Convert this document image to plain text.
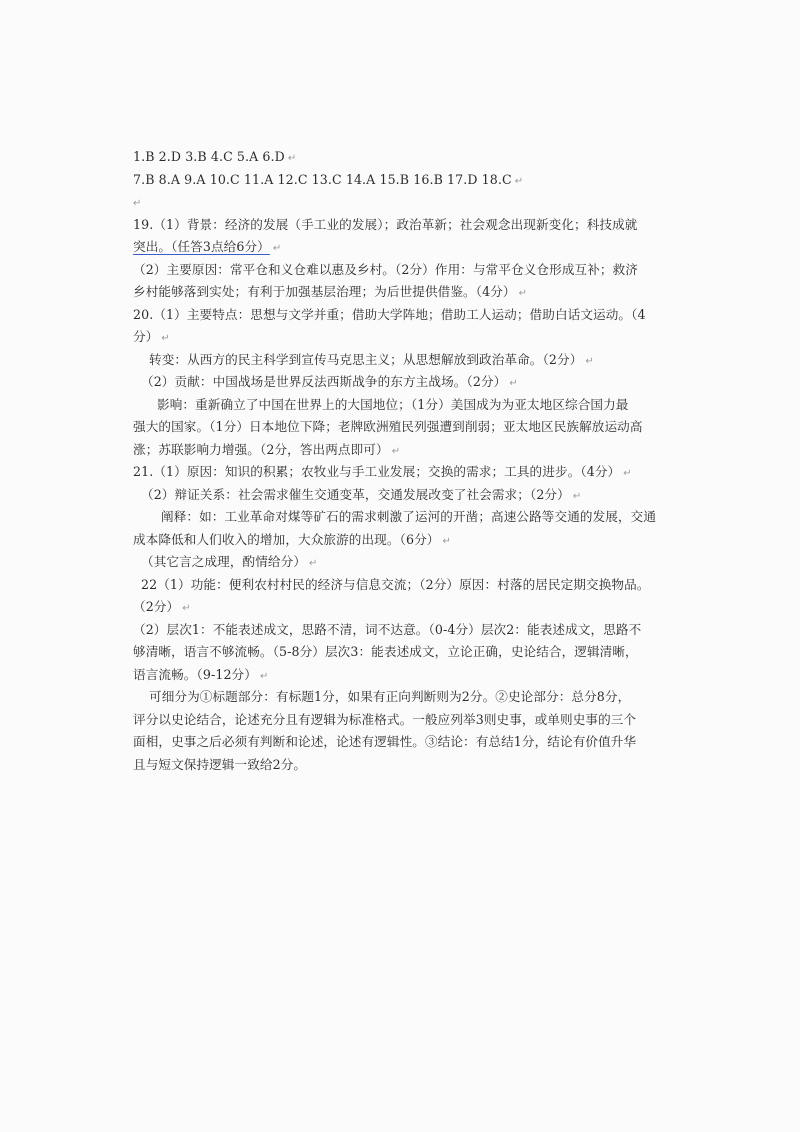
1.B 2.D 3.B 4.C 5.A 6.D ↵
7.B 8.A 9.A 10.C 11.A 12.C 13.C 14.A 15.B 16.B 17.D 18.C ↵
↵
19.（1）背景：经济的发展（手工业的发展）；政治革新；社会观念出现新变化；科技成就
突出。（任答3点给6分） ↵
（2）主要原因：常平仓和义仓难以惠及乡村。（2分）作用：与常平仓义仓形成互补；救济
乡村能够落到实处；有利于加强基层治理；为后世提供借鉴。（4分） ↵
20.（1）主要特点：思想与文学并重；借助大学阵地；借助工人运动；借助白话文运动。（4
分） ↵
转变：从西方的民主科学到宣传马克思主义；从思想解放到政治革命。（2分） ↵
（2）贡献：中国战场是世界反法西斯战争的东方主战场。（2分） ↵
影响：重新确立了中国在世界上的大国地位；（1分）美国成为为亚太地区综合国力最
强大的国家。（1分）日本地位下降；老牌欧洲殖民列强遭到削弱；亚太地区民族解放运动高
涨；苏联影响力增强。（2分，答出两点即可） ↵
21.（1）原因：知识的积累；农牧业与手工业发展；交换的需求；工具的进步。（4分） ↵
（2）辩证关系：社会需求催生交通变革，交通发展改变了社会需求；（2分） ↵
阐释：如：工业革命对煤等矿石的需求刺激了运河的开凿；高速公路等交通的发展，交通
成本降低和人们收入的增加，大众旅游的出现。（6分） ↵
（其它言之成理，酌情给分） ↵
22（1）功能：便利农村村民的经济与信息交流；（2分）原因：村落的居民定期交换物品。
（2分） ↵
（2）层次1：不能表述成文，思路不清，词不达意。（0-4分）层次2：能表述成文，思路不
够清晰，语言不够流畅。（5-8分）层次3：能表述成文，立论正确，史论结合，逻辑清晰，
语言流畅。（9-12分） ↵
可细分为①标题部分：有标题1分，如果有正向判断则为2分。②史论部分：总分8分，
评分以史论结合，论述充分且有逻辑为标准格式。一般应列举3则史事，或单则史事的三个
面相，史事之后必须有判断和论述，论述有逻辑性。③结论：有总结1分，结论有价值升华
且与短文保持逻辑一致给2分。
